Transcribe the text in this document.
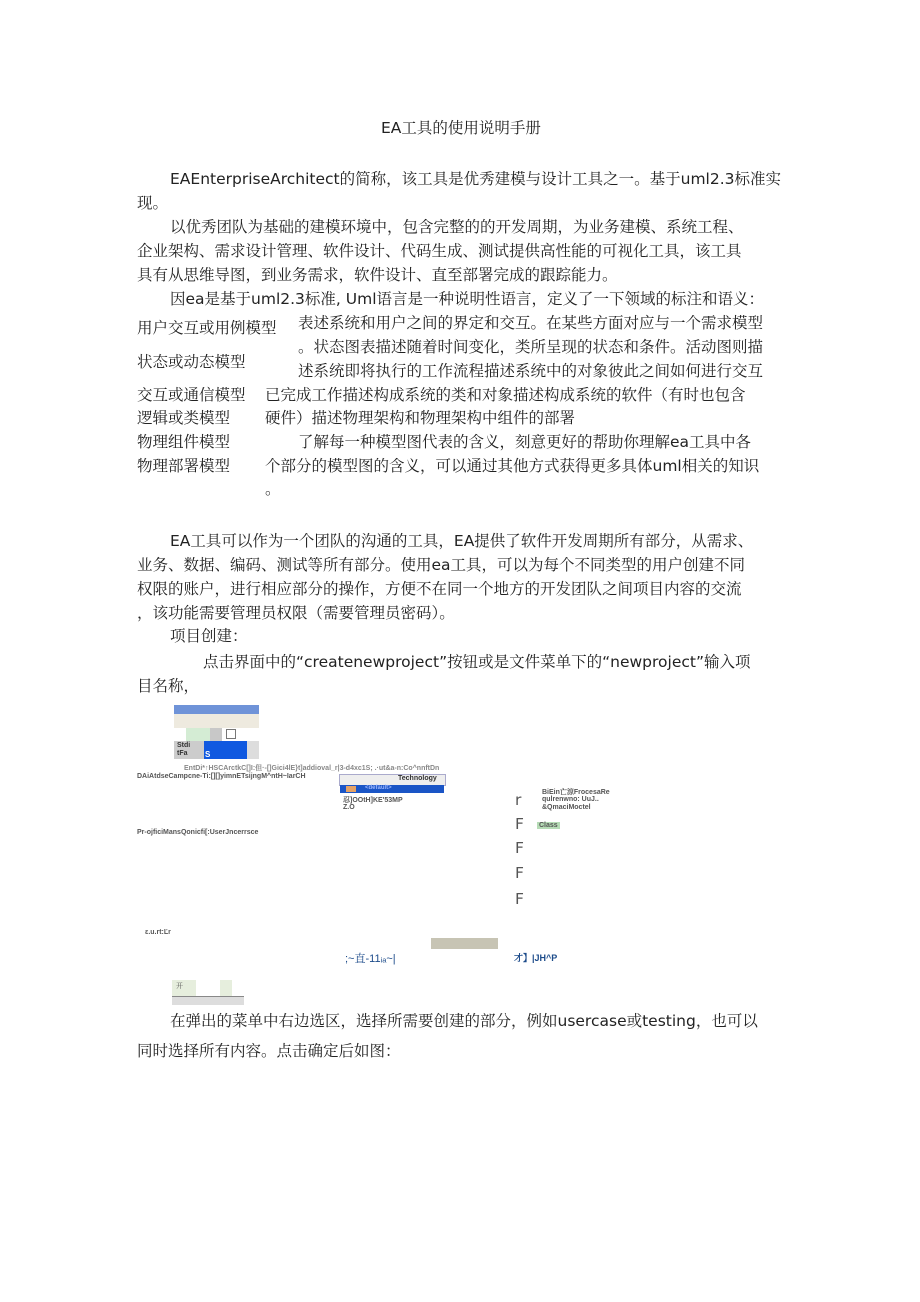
EA工具的使用说明手册
EAEnterpriseArchitect的简称，该工具是优秀建模与设计工具之一。基于uml2.3标准实
现。
以优秀团队为基础的建模环境中，包含完整的的开发周期，为业务建模、系统工程、
企业架构、需求设计管理、软件设计、代码生成、测试提供高性能的可视化工具，该工具
具有从思维导图，到业务需求，软件设计、直至部署完成的跟踪能力。
因ea是基于uml2.3标准, Uml语言是一种说明性语言，定义了一下领域的标注和语义：
用户交互或用例模型
状态或动态模型
交互或通信模型
逻辑或类模型
物理组件模型
物理部署模型
表述系统和用户之间的界定和交互。在某些方面对应与一个需求模型
。状态图表描述随着时间变化，类所呈现的状态和条件。活动图则描
述系统即将执行的工作流程描述系统中的对象彼此之间如何进行交互
已完成工作描述构成系统的类和对象描述构成系统的软件（有时也包含
硬件）描述物理架构和物理架构中组件的部署
了解每一种模型图代表的含义，刻意更好的帮助你理解ea工具中各
个部分的模型图的含义，可以通过其他方式获得更多具体uml相关的知识
。
EA工具可以作为一个团队的沟通的工具，EA提供了软件开发周期所有部分，从需求、
业务、数据、编码、测试等所有部分。使用ea工具，可以为每个不同类型的用户创建不同
权限的账户，进行相应部分的操作，方便不在同一个地方的开发团队之间项目内容的交流
，该功能需要管理员权限（需要管理员密码）。
项目创建：
点击界面中的“createnewproject”按钮或是文件菜单下的“newproject”输入项
目名称，
Stdi
tFa S
EntDi*↑HSCArctkC[]I:但·-[]Gici4lE}t]addioval_r|3-d4xc1S; .·ut&a-n:Co^nnftDn
DAiAtdseCampcne-Ti:[][]yimnETsijngM^ntH~IarCH	Technology
<default>
忍]OOtH]KE'53MP
Z.O
BiEin亡涼FrocesaRe
qulrenwno: UuJ..
&QmaciMoctel
Class
r
F
F
F
F
Pr-ojficiMansQonicfi[:UserJncerrsce
ε.u.rt:Ľr
;~直-11ᵢₐ~|	才】|JH^P
开
在弹出的菜单中右边选区，选择所需要创建的部分，例如usercase或testing，也可以
同时选择所有内容。点击确定后如图：
